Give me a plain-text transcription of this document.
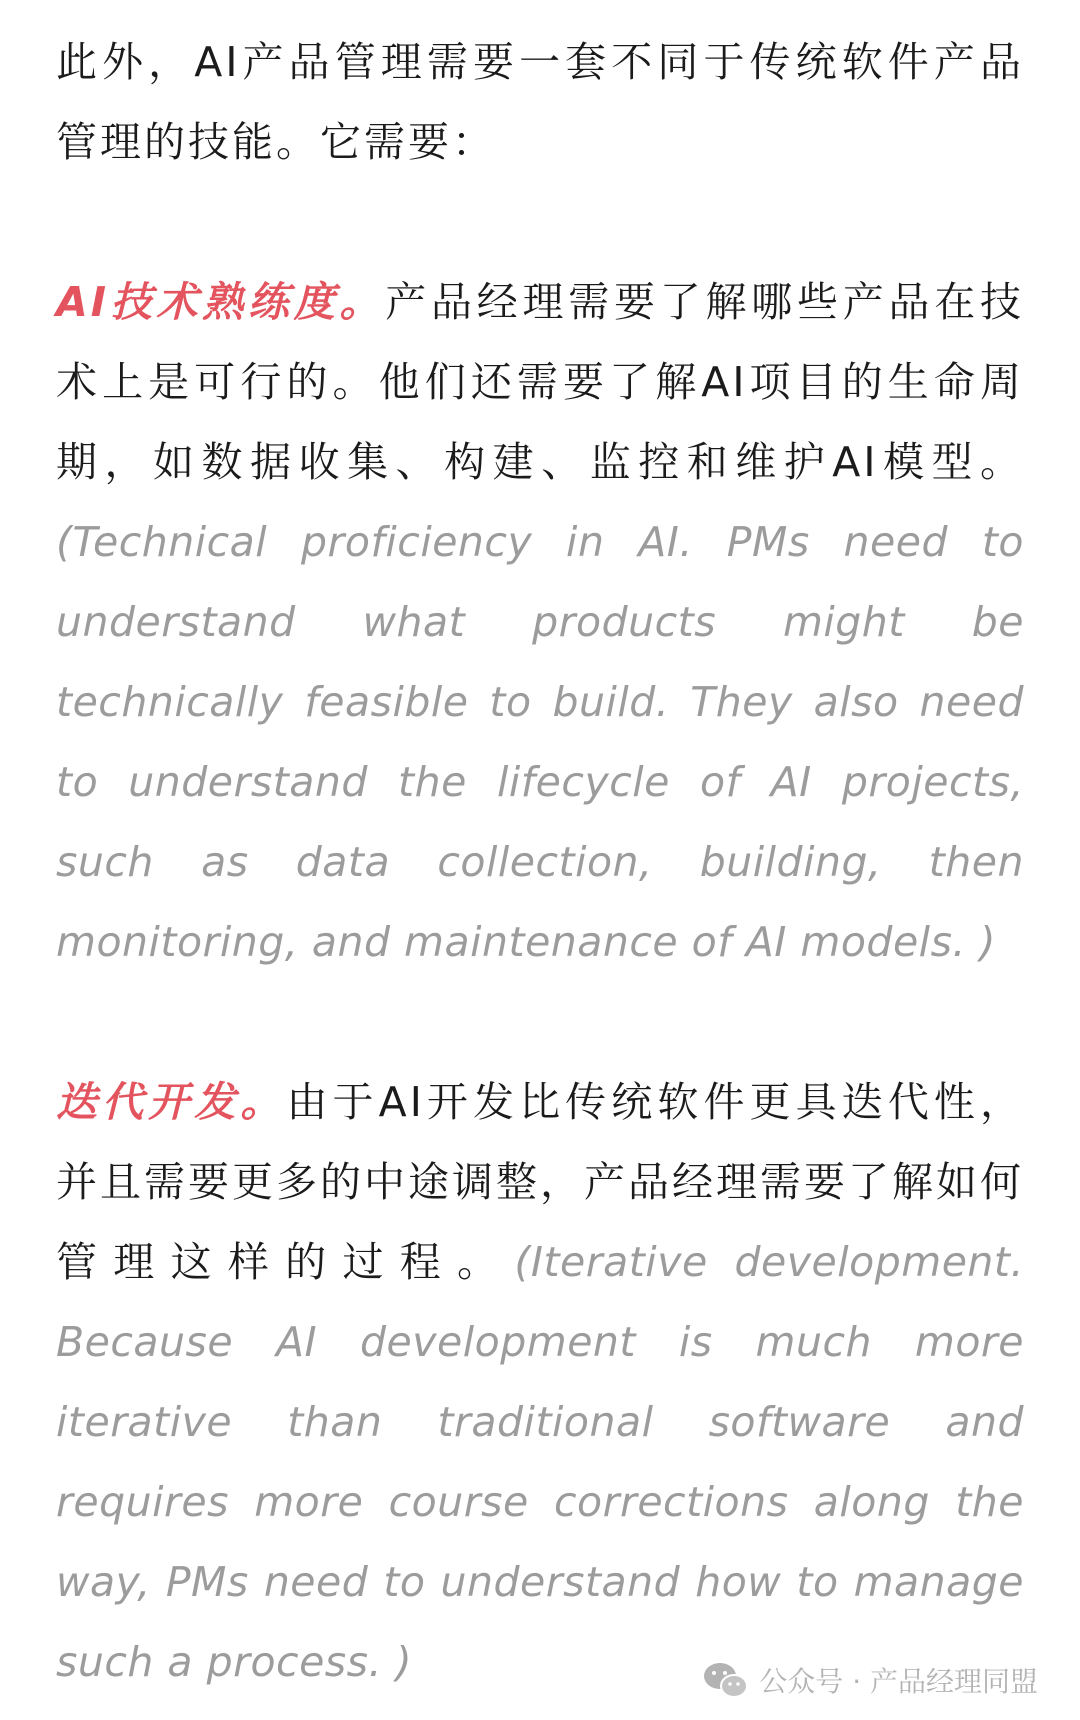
此外，AI产品管理需要一套不同于传统软件产品管理的技能。它需要：

AI技术熟练度。产品经理需要了解哪些产品在技术上是可行的。他们还需要了解AI项目的生命周期，如数据收集、构建、监控和维护AI模型。(Technical proficiency in AI. PMs need to understand what products might be technically feasible to build. They also need to understand the lifecycle of AI projects, such as data collection, building, then monitoring, and maintenance of AI models. )

迭代开发。由于AI开发比传统软件更具迭代性，并且需要更多的中途调整，产品经理需要了解如何管理这样的过程。(Iterative development. Because AI development is much more iterative than traditional software and requires more course corrections along the way, PMs need to understand how to manage such a process. )	公众号 · 产品经理同盟
